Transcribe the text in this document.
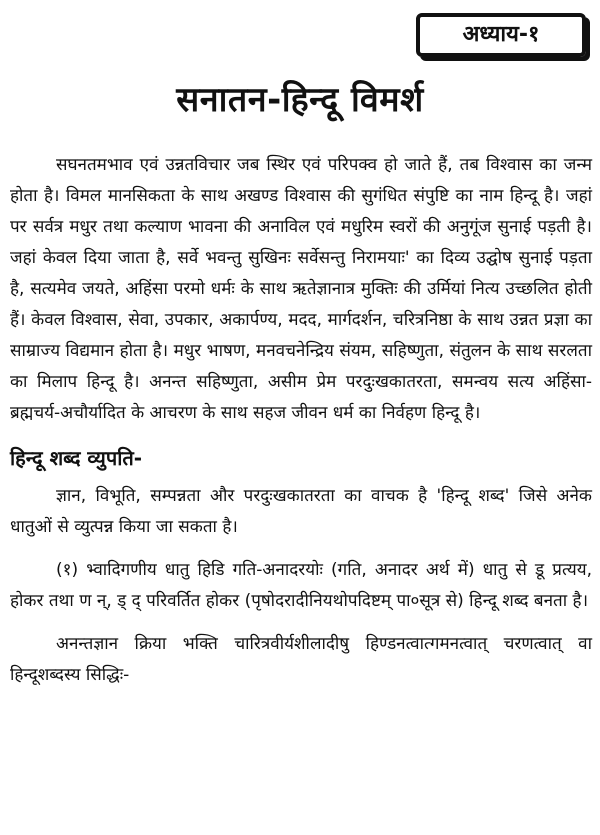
अध्याय-१
सनातन-हिन्दू विमर्श

सघनतमभाव एवं उन्नतविचार जब स्थिर एवं परिपक्व हो जाते हैं, तब विश्वास का जन्म होता है। विमल मानसिकता के साथ अखण्ड विश्वास की सुगंधित संपुष्टि का नाम हिन्दू है। जहां पर सर्वत्र मधुर तथा कल्याण भावना की अनाविल एवं मधुरिम स्वरों की अनुगूंज सुनाई पड़ती है। जहां केवल दिया जाता है, सर्वे भवन्तु सुखिनः सर्वेसन्तु निरामयाः' का दिव्य उद्घोष सुनाई पड़ता है, सत्यमेव जयते, अहिंसा परमो धर्मः के साथ ऋतेज्ञानात्र मुक्तिः की उर्मियां नित्य उच्छलित होती हैं। केवल विश्वास, सेवा, उपकार, अकार्पण्य, मदद, मार्गदर्शन, चरित्रनिष्ठा के साथ उन्नत प्रज्ञा का साम्राज्य विद्यमान होता है। मधुर भाषण, मनवचनेन्द्रिय संयम, सहिष्णुता, संतुलन के साथ सरलता का मिलाप हिन्दू है। अनन्त सहिष्णुता, असीम प्रेम परदुःखकातरता, समन्वय सत्य अहिंसा-ब्रह्मचर्य-अचौर्यादित के आचरण के साथ सहज जीवन धर्म का निर्वहण हिन्दू है।

हिन्दू शब्द व्युपति-

ज्ञान, विभूति, सम्पन्नता और परदुःखकातरता का वाचक है 'हिन्दू शब्द' जिसे अनेक धातुओं से व्युत्पन्न किया जा सकता है।

(१) भ्वादिगणीय धातु हिडि गति-अनादरयोः (गति, अनादर अर्थ में) धातु से डू प्रत्यय, होकर तथा ण न्, ड् द् परिवर्तित होकर (पृषोदरादीनियथोपदिष्टम् पा०सूत्र से) हिन्दू शब्द बनता है।

अनन्तज्ञान क्रिया भक्ति चारित्रवीर्यशीलादीषु हिण्डनत्वात्गमनत्वात् चरणत्वात् वा हिन्दूशब्दस्य सिद्धिः-
